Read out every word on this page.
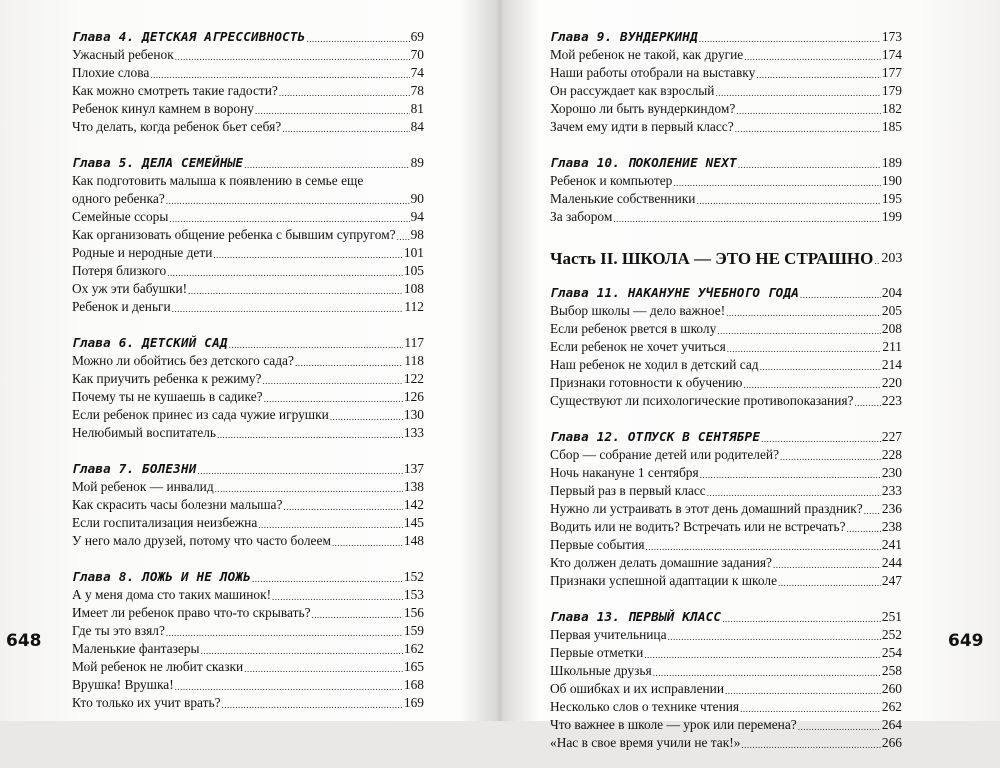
Глава 4. ДЕТСКАЯ АГРЕССИВНОСТЬ .....	69
Ужасный ребенок .....	70
Плохие слова .....	74
Как можно смотреть такие гадости? .....	78
Ребенок кинул камнем в ворону .....	81
Что делать, когда ребенок бьет себя? .....	84
Глава 5. ДЕЛА СЕМЕЙНЫЕ .....	89
Как подготовить малыша к появлению в семье еще
одного ребенка? .....	90
Семейные ссоры .....	94
Как организовать общение ребенка с бывшим супругом? ..... 98
Родные и неродные дети .....	101
Потеря близкого .....	105
Ох уж эти бабушки! .....	108
Ребенок и деньги .....	112
Глава 6. ДЕТСКИЙ САД .....	117
Можно ли обойтись без детского сада? .....	118
Как приучить ребенка к режиму? .....	122
Почему ты не кушаешь в садике? .....	126
Если ребенок принес из сада чужие игрушки .....	130
Нелюбимый воспитатель .....	133
Глава 7. БОЛЕЗНИ .....	137
Мой ребенок — инвалид .....	138
Как скрасить часы болезни малыша? .....	142
Если госпитализация неизбежна .....	145
У него мало друзей, потому что часто болеем .....	148
Глава 8. ЛОЖЬ И НЕ ЛОЖЬ .....	152
А у меня дома сто таких машинок! .....	153
Имеет ли ребенок право что-то скрывать? .....	156
Где ты это взял? .....	159
Маленькие фантазеры .....	162
Мой ребенок не любит сказки .....	165
Врушка! Врушка! .....	168
Кто только их учит врать? .....	169
Глава 9. ВУНДЕРКИНД .....	173
Мой ребенок не такой, как другие .....	174
Наши работы отобрали на выставку .....	177
Он рассуждает как взрослый .....	179
Хорошо ли быть вундеркиндом? .....	182
Зачем ему идти в первый класс? .....	185
Глава 10. ПОКОЛЕНИЕ NEXT .....	189
Ребенок и компьютер .....	190
Маленькие собственники .....	195
За забором .....	199
Часть II. ШКОЛА — ЭТО НЕ СТРАШНО ..... 203
Глава 11. НАКАНУНЕ УЧЕБНОГО ГОДА .....	204
Выбор школы — дело важное! .....	205
Если ребенок рвется в школу .....	208
Если ребенок не хочет учиться .....	211
Наш ребенок не ходил в детский сад .....	214
Признаки готовности к обучению .....	220
Существуют ли психологические противопоказания? ..... 223
Глава 12. ОТПУСК В СЕНТЯБРЕ .....	227
Сбор — собрание детей или родителей? .....	228
Ночь накануне 1 сентября .....	230
Первый раз в первый класс .....	233
Нужно ли устраивать в этот день домашний праздник? ..... 236
Водить или не водить? Встречать или не встречать? .....	238
Первые события .....	241
Кто должен делать домашние задания? .....	244
Признаки успешной адаптации к школе .....	247
Глава 13. ПЕРВЫЙ КЛАСС .....	251
Первая учительница .....	252
Первые отметки .....	254
Школьные друзья .....	258
Об ошибках и их исправлении .....	260
Несколько слов о технике чтения .....	262
Что важнее в школе — урок или перемена? .....	264
«Нас в свое время учили не так!» .....	266
648	649
